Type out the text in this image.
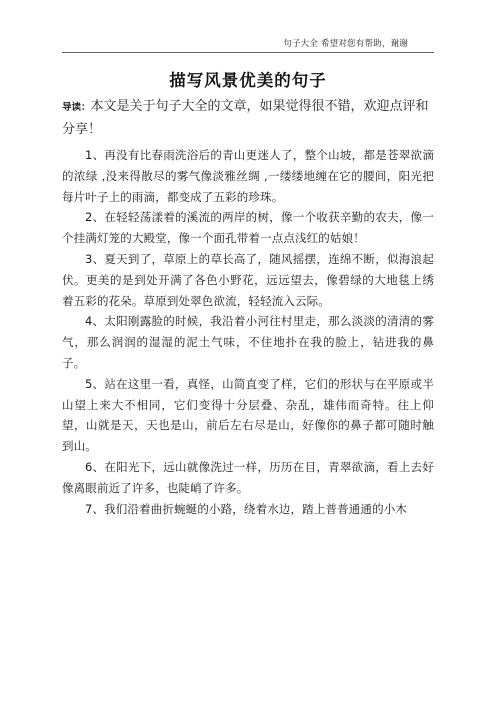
句子大全 希望对您有帮助，谢谢
描写风景优美的句子

导读：本文是关于句子大全的文章，如果觉得很不错，欢迎点评和分享！

1、再没有比春雨洗浴后的青山更迷人了，整个山坡，都是苍翠欲滴的浓绿 ,没来得散尽的雾气像淡雅丝绸 ,一缕缕地缠在它的腰间，阳光把每片叶子上的雨滴，都变成了五彩的珍珠。

2、在轻轻荡漾着的溪流的两岸的树，像一个收获辛勤的农夫，像一个挂满灯笼的大殿堂，像一个面孔带着一点点浅红的姑娘！

3、夏天到了，草原上的草长高了，随风摇摆，连绵不断，似海浪起伏。更美的是到处开满了各色小野花，远远望去，像碧绿的大地毯上绣着五彩的花朵。草原到处翠色欲流，轻轻流入云际。

4、太阳刚露脸的时候，我沿着小河往村里走，那么淡淡的清清的雾气，那么润润的湿湿的泥土气味，不住地扑在我的脸上，钻进我的鼻子。

5、站在这里一看，真怪，山简直变了样，它们的形状与在平原或半山望上来大不相同，它们变得十分层叠、杂乱，雄伟而奇特。往上仰望，山就是天，天也是山，前后左右尽是山，好像你的鼻子都可随时触到山。

6、在阳光下，远山就像洗过一样，历历在目，青翠欲滴，看上去好像离眼前近了许多，也陡峭了许多。

7、我们沿着曲折蜿蜒的小路，绕着水边，踏上普普通通的小木
